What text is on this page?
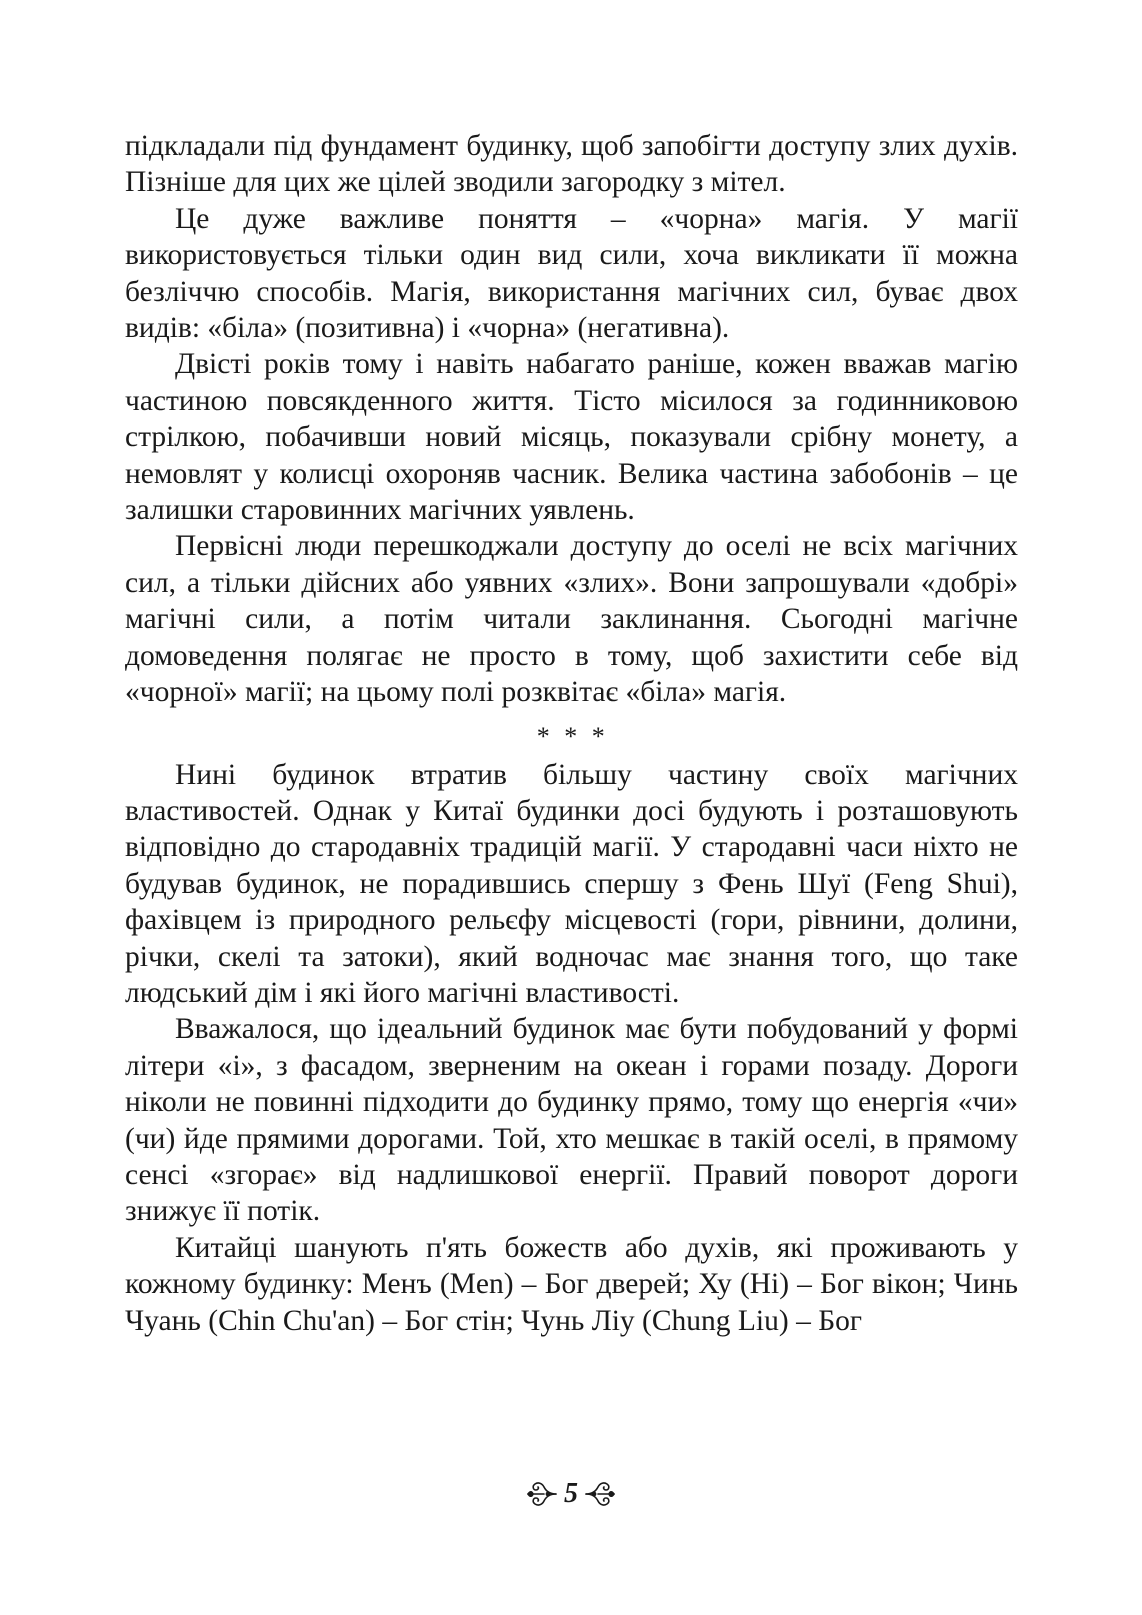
підкладали під фундамент будинку, щоб запобігти доступу злих духів. Пізніше для цих же цілей зводили загородку з мітел.

Це дуже важливе поняття – «чорна» магія. У магії використовується тільки один вид сили, хоча викликати її можна безліччю способів. Магія, використання магічних сил, буває двох видів: «біла» (позитивна) і «чорна» (негативна).

Двісті років тому і навіть набагато раніше, кожен вважав магію частиною повсякденного життя. Тісто місилося за годинниковою стрілкою, побачивши новий місяць, показували срібну монету, а немовлят у колисці охороняв часник. Велика частина забобонів – це залишки старовинних магічних уявлень.

Первісні люди перешкоджали доступу до оселі не всіх магічних сил, а тільки дійсних або уявних «злих». Вони запрошували «добрі» магічні сили, а потім читали заклинання. Сьогодні магічне домоведення полягає не просто в тому, щоб захистити себе від «чорної» магії; на цьому полі розквітає «біла» магія.

* * *

Нині будинок втратив більшу частину своїх магічних властивостей. Однак у Китаї будинки досі будують і розташовують відповідно до стародавніх традицій магії. У стародавні часи ніхто не будував будинок, не порадившись спершу з Фень Шуї (Feng Shui), фахівцем із природного рельєфу місцевості (гори, рівнини, долини, річки, скелі та затоки), який водночас має знання того, що таке людський дім і які його магічні властивості.

Вважалося, що ідеальний будинок має бути побудований у формі літери «і», з фасадом, зверненим на океан і горами позаду. Дороги ніколи не повинні підходити до будинку прямо, тому що енергія «чи» (чи) йде прямими дорогами. Той, хто мешкає в такій оселі, в прямому сенсі «згорає» від надлишкової енергії. Правий поворот дороги знижує її потік.

Китайці шанують п'ять божеств або духів, які проживають у кожному будинку: Менъ (Men) – Бог дверей; Ху (Hi) – Бог вікон; Чинь Чуань (Chin Chu'an) – Бог стін; Чунь Ліу (Chung Liu) – Бог

5
